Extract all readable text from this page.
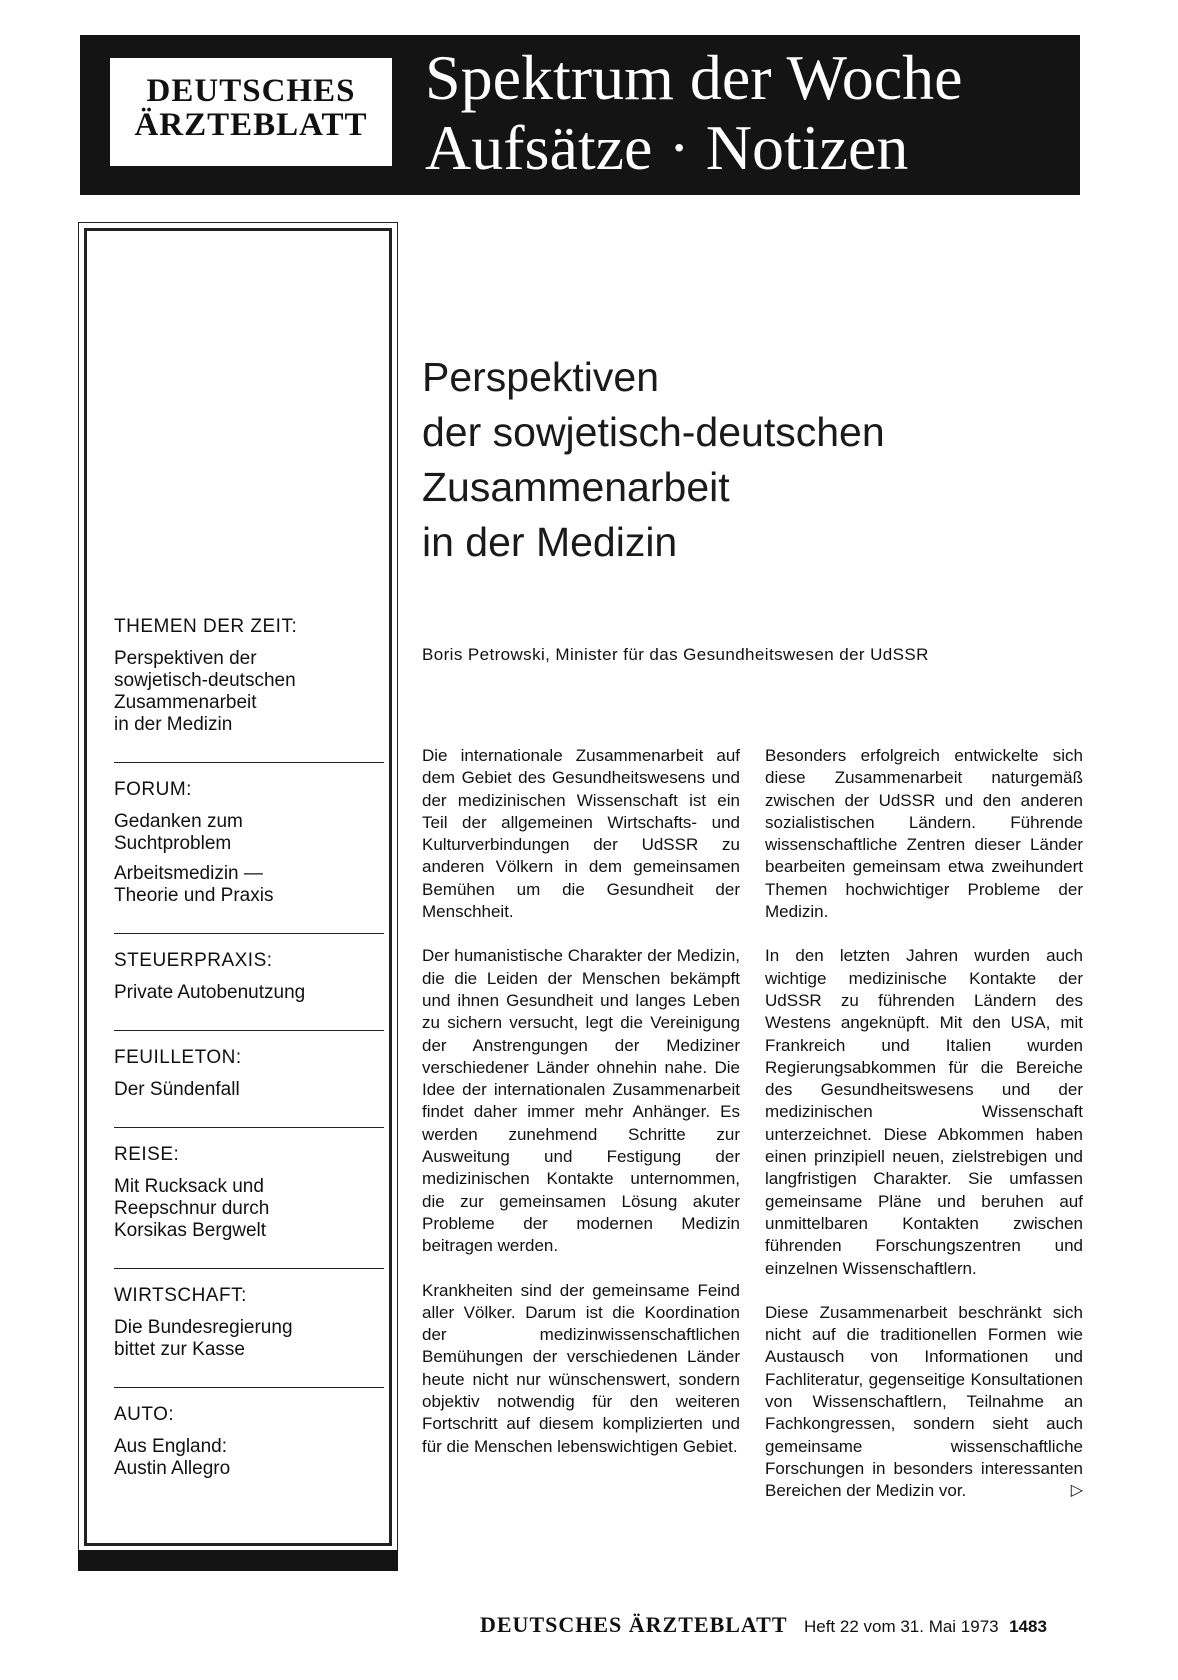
DEUTSCHES
ÄRZTEBLATT
Spektrum der Woche
Aufsätze · Notizen
THEMEN DER ZEIT:
Perspektiven der
sowjetisch-deutschen
Zusammenarbeit
in der Medizin
FORUM:
Gedanken zum
Suchtproblem
Arbeitsmedizin —
Theorie und Praxis
STEUERPRAXIS:
Private Autobenutzung
FEUILLETON:
Der Sündenfall
REISE:
Mit Rucksack und
Reepschnur durch
Korsikas Bergwelt
WIRTSCHAFT:
Die Bundesregierung
bittet zur Kasse
AUTO:
Aus England:
Austin Allegro
Perspektiven
der sowjetisch-deutschen
Zusammenarbeit
in der Medizin
Boris Petrowski, Minister für das Gesundheitswesen der UdSSR

Die internationale Zusammenarbeit auf dem Gebiet des Gesundheitswesens und der medizinischen Wissenschaft ist ein Teil der allgemeinen Wirtschafts- und Kulturverbindungen der UdSSR zu anderen Völkern in dem gemeinsamen Bemühen um die Gesundheit der Menschheit.

Der humanistische Charakter der Medizin, die die Leiden der Menschen bekämpft und ihnen Gesundheit und langes Leben zu sichern versucht, legt die Vereinigung der Anstrengungen der Mediziner verschiedener Länder ohnehin nahe. Die Idee der internationalen Zusammenarbeit findet daher immer mehr Anhänger. Es werden zunehmend Schritte zur Ausweitung und Festigung der medizinischen Kontakte unternommen, die zur gemeinsamen Lösung akuter Probleme der modernen Medizin beitragen werden.

Krankheiten sind der gemeinsame Feind aller Völker. Darum ist die Koordination der medizinwissenschaftlichen Bemühungen der verschiedenen Länder heute nicht nur wünschenswert, sondern objektiv notwendig für den weiteren Fortschritt auf diesem komplizierten und für die Menschen lebenswichtigen Gebiet.

Besonders erfolgreich entwickelte sich diese Zusammenarbeit naturgemäß zwischen der UdSSR und den anderen sozialistischen Ländern. Führende wissenschaftliche Zentren dieser Länder bearbeiten gemeinsam etwa zweihundert Themen hochwichtiger Probleme der Medizin.

In den letzten Jahren wurden auch wichtige medizinische Kontakte der UdSSR zu führenden Ländern des Westens angeknüpft. Mit den USA, mit Frankreich und Italien wurden Regierungsabkommen für die Bereiche des Gesundheitswesens und der medizinischen Wissenschaft unterzeichnet. Diese Abkommen haben einen prinzipiell neuen, zielstrebigen und langfristigen Charakter. Sie umfassen gemeinsame Pläne und beruhen auf unmittelbaren Kontakten zwischen führenden Forschungszentren und einzelnen Wissenschaftlern.

Diese Zusammenarbeit beschränkt sich nicht auf die traditionellen Formen wie Austausch von Informationen und Fachliteratur, gegenseitige Konsultationen von Wissenschaftlern, Teilnahme an Fachkongressen, sondern sieht auch gemeinsame wissenschaftliche Forschungen in besonders interessanten Bereichen der Medizin vor.	▷

DEUTSCHES ÄRZTEBLATT Heft 22 vom 31. Mai 1973 1483
